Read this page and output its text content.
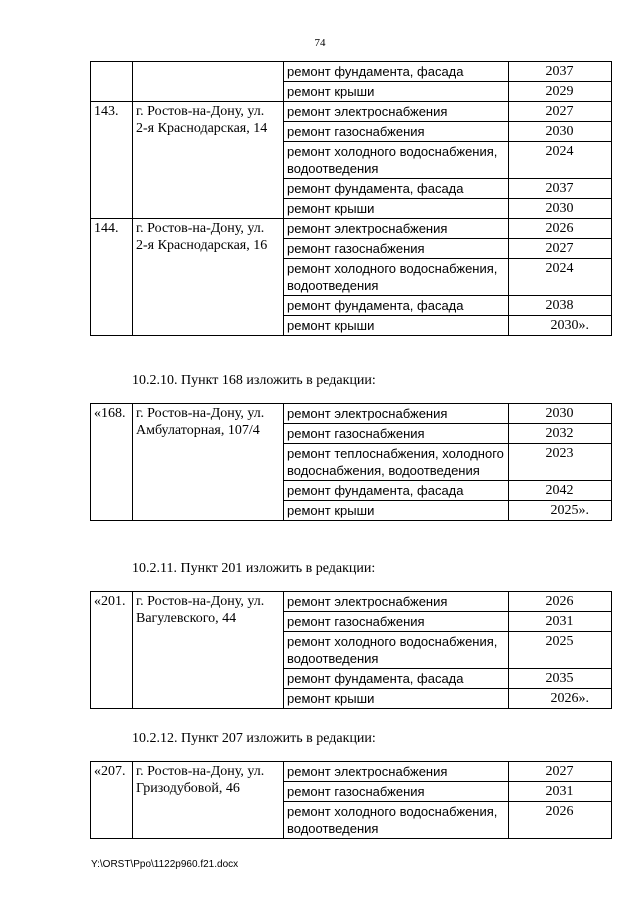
74
		ремонт фундамента, фасада	2037
		ремонт крыши	2029
143.	г. Ростов-на-Дону, ул. 2-я Краснодарская, 14	ремонт электроснабжения	2027
		ремонт газоснабжения	2030
		ремонт холодного водоснабжения, водоотведения	2024
		ремонт фундамента, фасада	2037
		ремонт крыши	2030
144.	г. Ростов-на-Дону, ул. 2-я Краснодарская, 16	ремонт электроснабжения	2026
		ремонт газоснабжения	2027
		ремонт холодного водоснабжения, водоотведения	2024
		ремонт фундамента, фасада	2038
		ремонт крыши	2030».
10.2.10. Пункт 168 изложить в редакции:
«168.	г. Ростов-на-Дону, ул. Амбулаторная, 107/4	ремонт электроснабжения	2030
		ремонт газоснабжения	2032
		ремонт теплоснабжения, холодного водоснабжения, водоотведения	2023
		ремонт фундамента, фасада	2042
		ремонт крыши	2025».
10.2.11. Пункт 201 изложить в редакции:
«201.	г. Ростов-на-Дону, ул. Вагулевского, 44	ремонт электроснабжения	2026
		ремонт газоснабжения	2031
		ремонт холодного водоснабжения, водоотведения	2025
		ремонт фундамента, фасада	2035
		ремонт крыши	2026».
10.2.12. Пункт 207 изложить в редакции:
«207.	г. Ростов-на-Дону, ул. Гризодубовой, 46	ремонт электроснабжения	2027
		ремонт газоснабжения	2031
		ремонт холодного водоснабжения, водоотведения	2026
Y:\ORST\Ppo\1122p960.f21.docx
